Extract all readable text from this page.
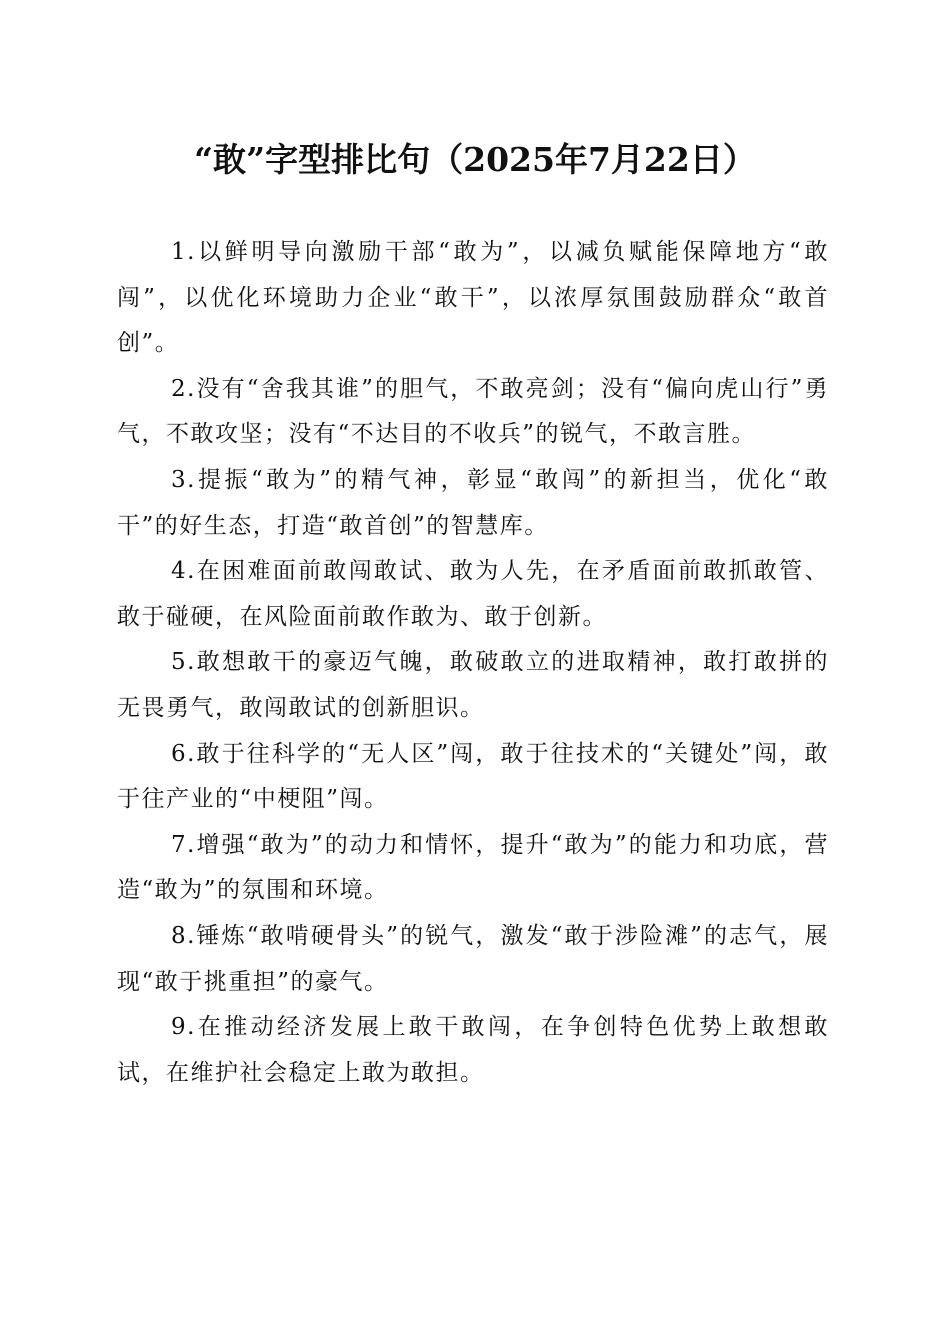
“敢”字型排比句（2025年7月22日）

1.以鲜明导向激励干部“敢为”，以减负赋能保障地方“敢闯”，以优化环境助力企业“敢干”，以浓厚氛围鼓励群众“敢首创”。

2.没有“舍我其谁”的胆气，不敢亮剑；没有“偏向虎山行”勇气，不敢攻坚；没有“不达目的不收兵”的锐气，不敢言胜。

3.提振“敢为”的精气神，彰显“敢闯”的新担当，优化“敢干”的好生态，打造“敢首创”的智慧库。

4.在困难面前敢闯敢试、敢为人先，在矛盾面前敢抓敢管、敢于碰硬，在风险面前敢作敢为、敢于创新。

5.敢想敢干的豪迈气魄，敢破敢立的进取精神，敢打敢拼的无畏勇气，敢闯敢试的创新胆识。

6.敢于往科学的“无人区”闯，敢于往技术的“关键处”闯，敢于往产业的“中梗阻”闯。

7.增强“敢为”的动力和情怀，提升“敢为”的能力和功底，营造“敢为”的氛围和环境。

8.锤炼“敢啃硬骨头”的锐气，激发“敢于涉险滩”的志气，展现“敢于挑重担”的豪气。

9.在推动经济发展上敢干敢闯，在争创特色优势上敢想敢试，在维护社会稳定上敢为敢担。
